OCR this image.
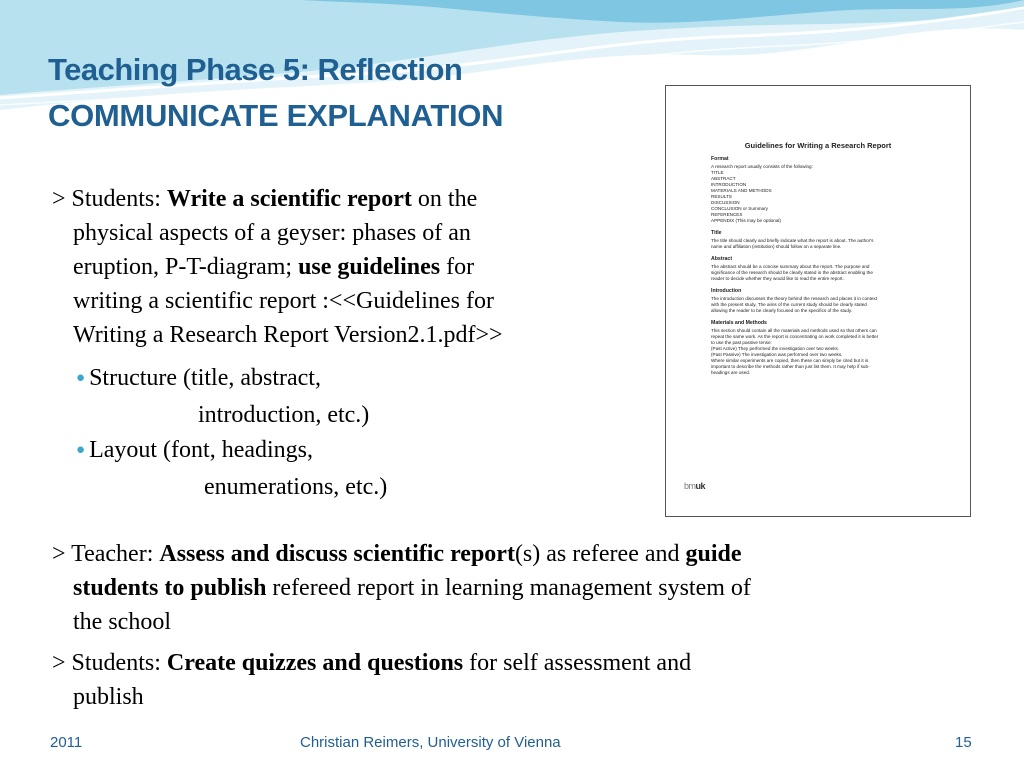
Teaching Phase 5: Reflection
COMMUNICATE EXPLANATION
> Students: Write a scientific report on the
physical aspects of a geyser: phases of an
eruption, P-T-diagram; use guidelines for
writing a scientific report :<<Guidelines for
Writing a Research Report Version2.1.pdf>>
● Structure (title, abstract,
introduction, etc.)
● Layout (font, headings,
enumerations, etc.)
> Teacher: Assess and discuss scientific report(s) as referee and guide
students to publish refereed report in learning management system of
the school
> Students: Create quizzes and questions for self assessment and
publish
Guidelines for Writing a Research Report
Format
A research report usually consists of the following:
TITLE
ABSTRACT
INTRODUCTION
MATERIALS AND METHODS
RESULTS
DISCUSSION
CONCLUSION or Summary
REFERENCES
APPENDIX (This may be optional)
Title
The title should clearly and briefly indicate what the report is about. The author's
name and affiliation (institution) should follow on a separate line.
Abstract
The abstract should be a concise summary about the report. The purpose and
significance of the research should be clearly stated in the abstract enabling the
reader to decide whether they would like to read the entire report.
Introduction
The introduction discusses the theory behind the research and places it in context
with the present study. The aims of the current study should be clearly stated
allowing the reader to be clearly focused on the specifics of the study.
Materials and Methods
This section should contain all the materials and methods used so that others can
repeat the same work. As the report is concentrating on work completed it is better
to use the past passive tense:
(Past Active) They performed the investigation over two weeks.
(Past Passive) The investigation was performed over two weeks.
Where similar experiments are copied, then these can simply be cited but it is
important to describe the methods rather than just list them. It may help if sub-
headings are used.
bmuk
2011	Christian Reimers, University of Vienna	15
